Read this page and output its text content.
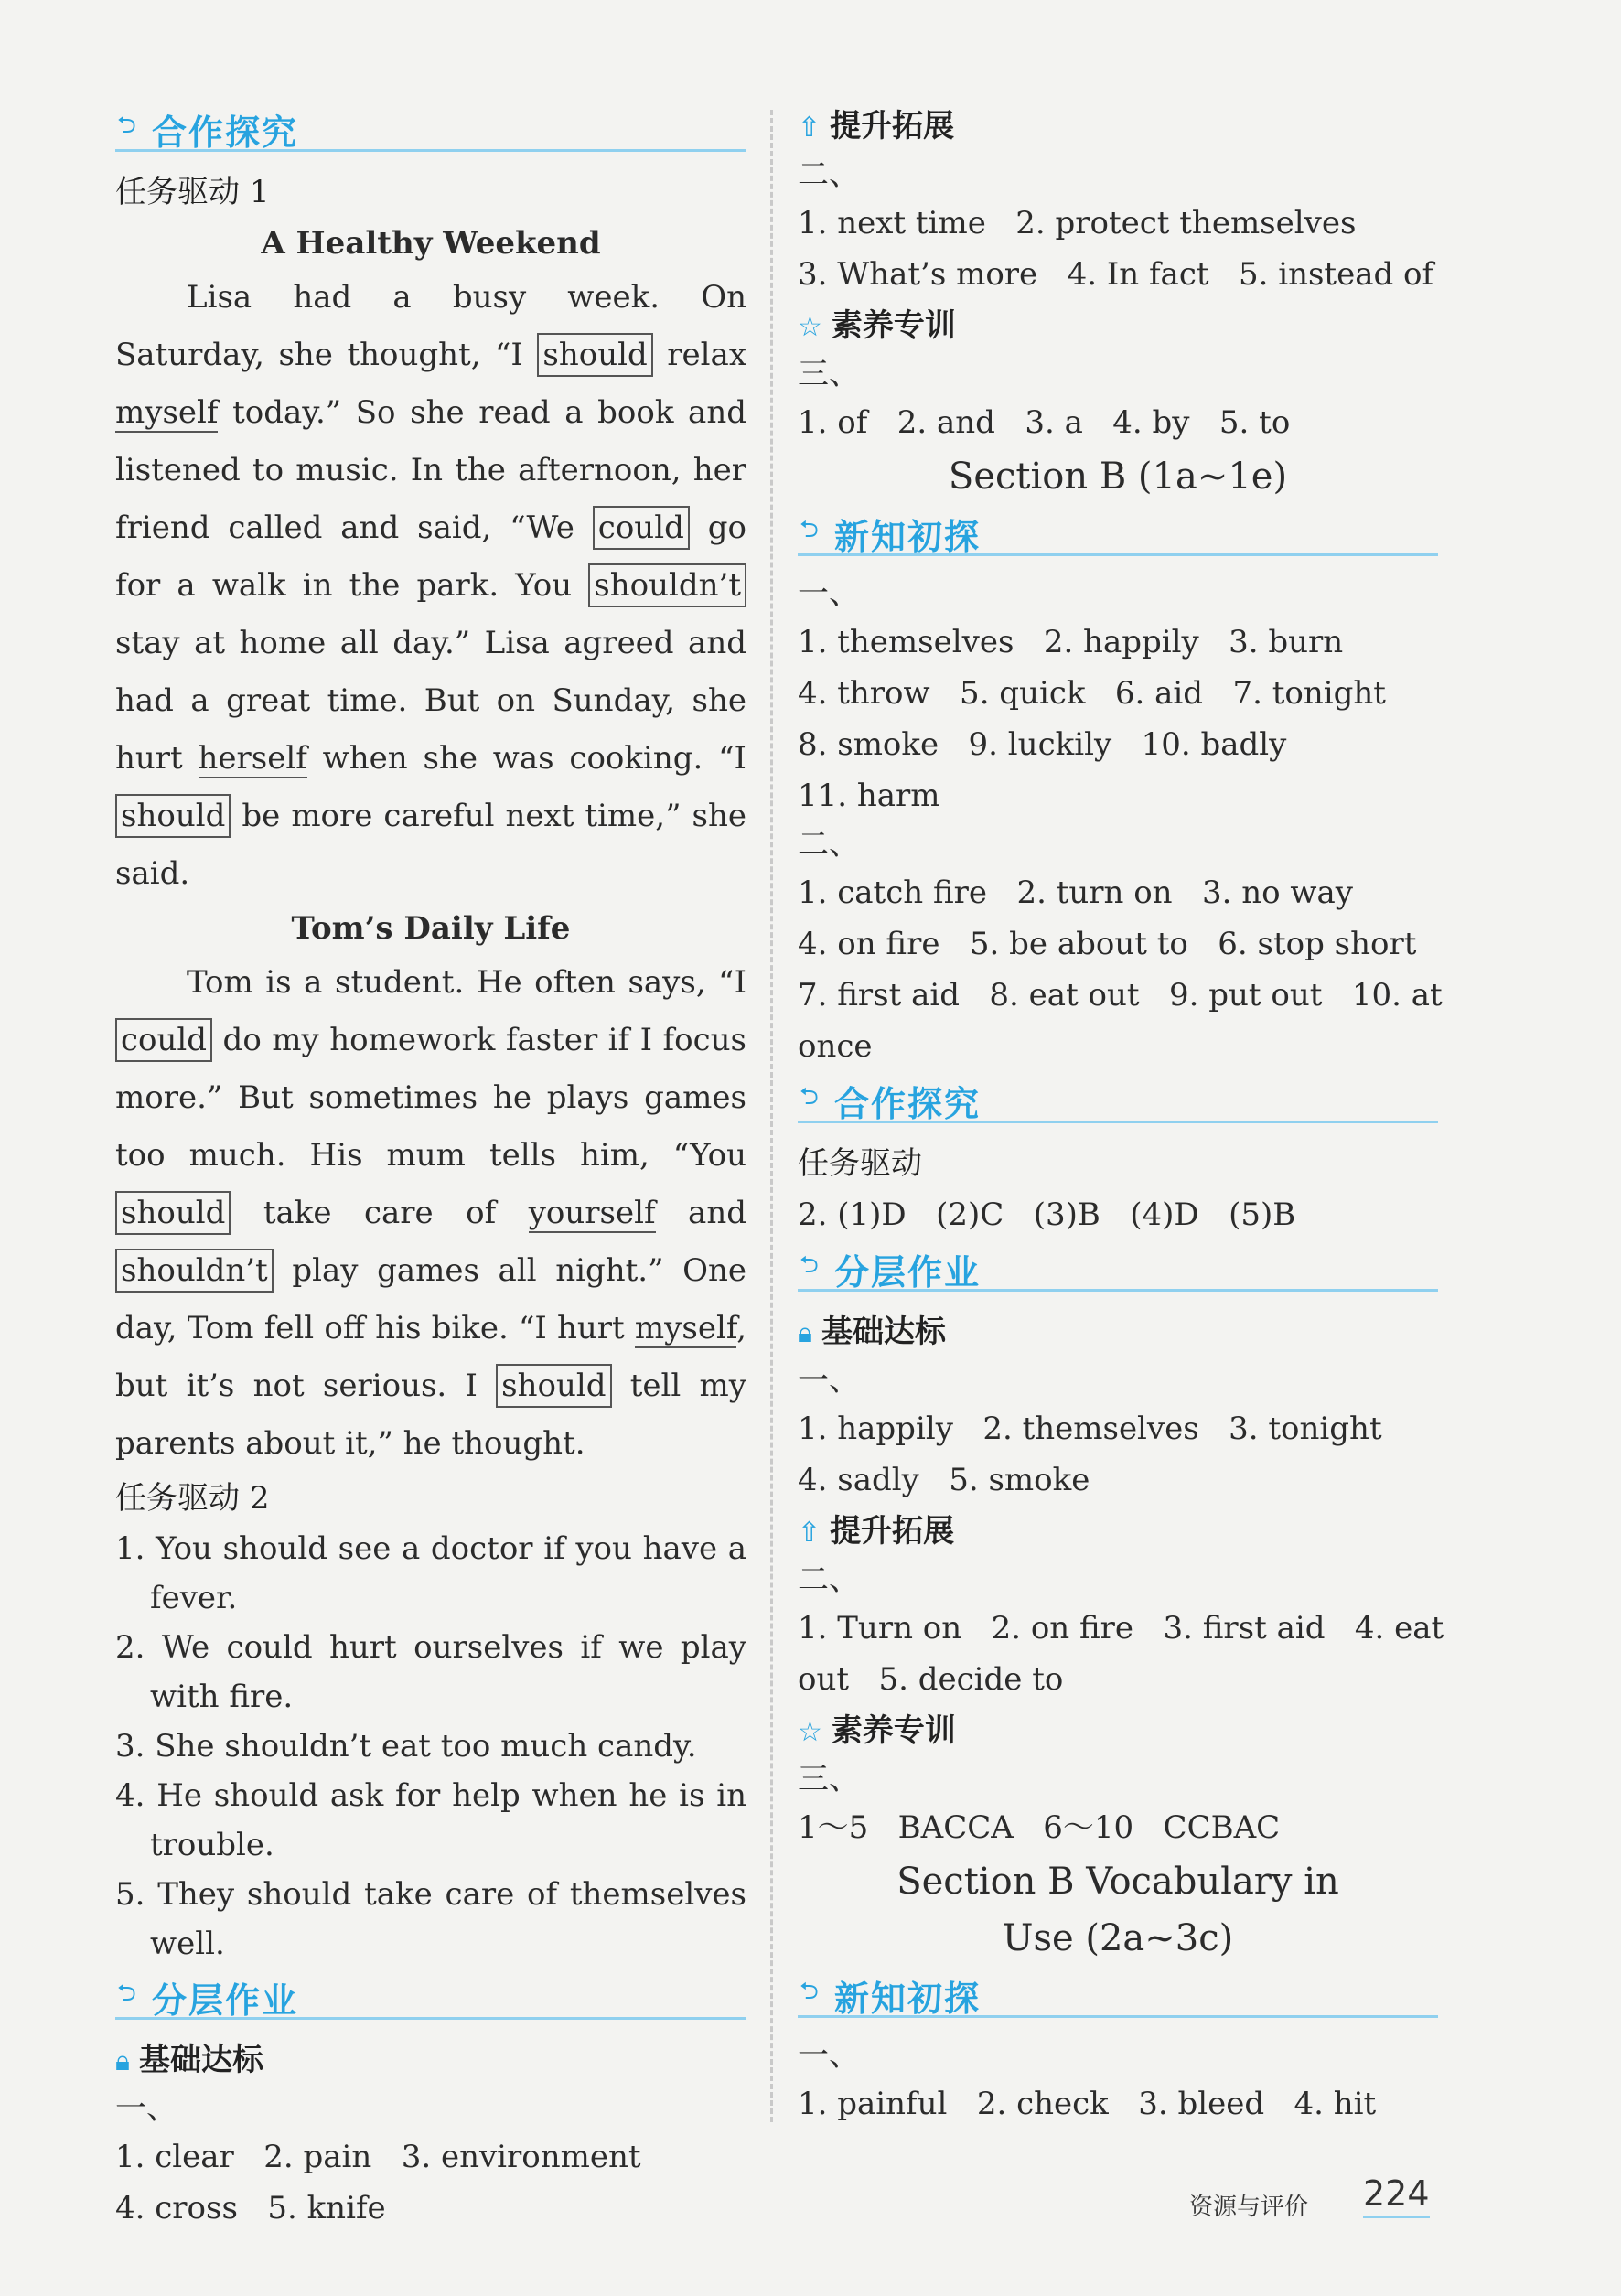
⮌ 合作探究
任务驱动 1
A Healthy Weekend

Lisa had a busy week. On Saturday, she thought, “I should relax myself today.” So she read a book and listened to music. In the afternoon, her friend called and said, “We could go for a walk in the park. You shouldn’t stay at home all day.” Lisa agreed and had a great time. But on Sunday, she hurt herself when she was cooking. “I should be more careful next time,” she said.

Tom’s Daily Life

Tom is a student. He often says, “I could do my homework faster if I focus more.” But sometimes he plays games too much. His mum tells him, “You should take care of yourself and shouldn’t play games all night.” One day, Tom fell off his bike. “I hurt myself, but it’s not serious. I should tell my parents about it,” he thought.

任务驱动 2
1. You should see a doctor if you have a fever.
2. We could hurt ourselves if we play with fire.
3. She shouldn’t eat too much candy.
4. He should ask for help when he is in trouble.
5. They should take care of themselves well.
⮌ 分层作业
🔒︎ 基础达标
一、
1. clear   2. pain   3. environment
4. cross   5. knife
⇧ 提升拓展
二、
1. next time   2. protect themselves
3. What’s more   4. In fact   5. instead of
☆ 素养专训
三、
1. of   2. and   3. a   4. by   5. to
Section B (1a~1e)
⮌ 新知初探
一、
1. themselves   2. happily   3. burn
4. throw   5. quick   6. aid   7. tonight
8. smoke   9. luckily   10. badly
11. harm
二、
1. catch fire   2. turn on   3. no way
4. on fire   5. be about to   6. stop short
7. first aid   8. eat out   9. put out   10. at
once
⮌ 合作探究
任务驱动
2. (1)D   (2)C   (3)B   (4)D   (5)B
⮌ 分层作业
🔒︎ 基础达标
一、
1. happily   2. themselves   3. tonight
4. sadly   5. smoke
⇧ 提升拓展
二、
1. Turn on   2. on fire   3. first aid   4. eat
out   5. decide to
☆ 素养专训
三、
1～5   BACCA   6～10   CCBAC
Section B Vocabulary in
Use (2a~3c)
⮌ 新知初探
一、
1. painful   2. check   3. bleed   4. hit
资源与评价 224
